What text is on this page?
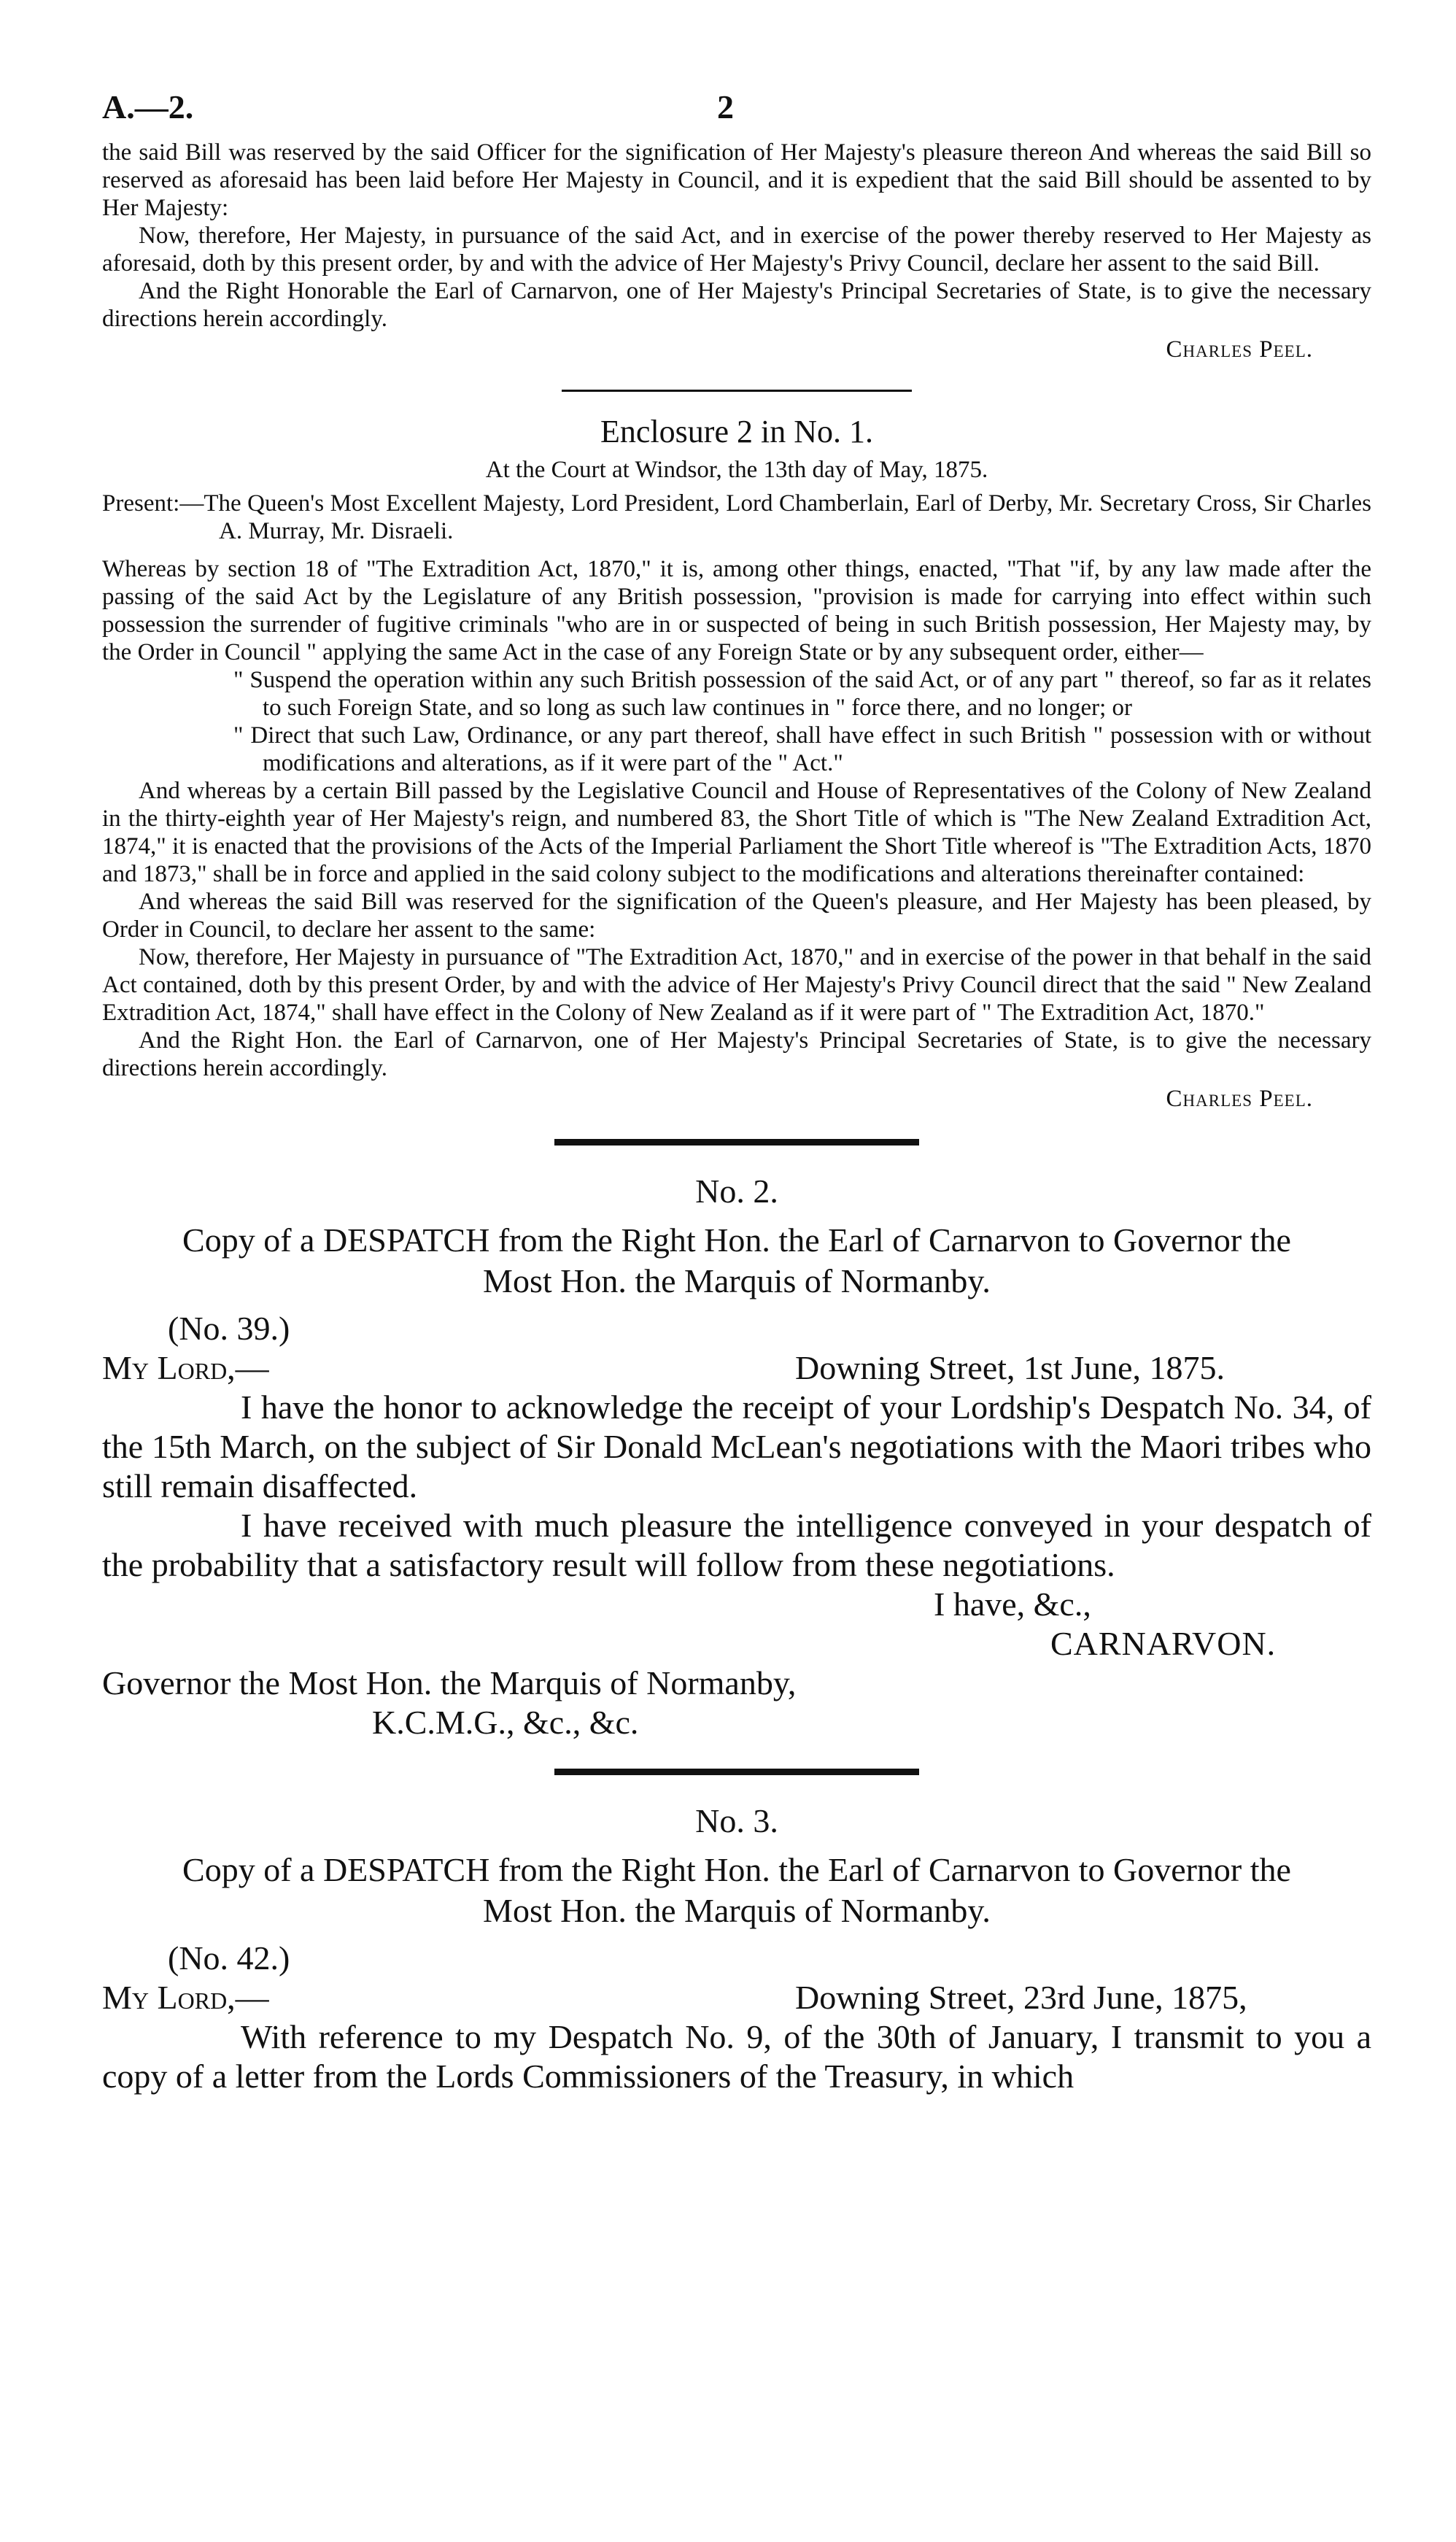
A.—2.	2

the said Bill was reserved by the said Officer for the signification of Her Majesty's pleasure thereon And whereas the said Bill so reserved as aforesaid has been laid before Her Majesty in Council, and it is expedient that the said Bill should be assented to by Her Majesty:

Now, therefore, Her Majesty, in pursuance of the said Act, and in exercise of the power thereby reserved to Her Majesty as aforesaid, doth by this present order, by and with the advice of Her Majesty's Privy Council, declare her assent to the said Bill.

And the Right Honorable the Earl of Carnarvon, one of Her Majesty's Principal Secretaries of State, is to give the necessary directions herein accordingly.

Charles Peel.

Enclosure 2 in No. 1.
At the Court at Windsor, the 13th day of May, 1875.

Present:—The Queen's Most Excellent Majesty, Lord President, Lord Chamberlain, Earl of Derby, Mr. Secretary Cross, Sir Charles A. Murray, Mr. Disraeli.

Whereas by section 18 of "The Extradition Act, 1870," it is, among other things, enacted, "That "if, by any law made after the passing of the said Act by the Legislature of any British possession, "provision is made for carrying into effect within such possession the surrender of fugitive criminals "who are in or suspected of being in such British possession, Her Majesty may, by the Order in Council " applying the same Act in the case of any Foreign State or by any subsequent order, either—

" Suspend the operation within any such British possession of the said Act, or of any part " thereof, so far as it relates to such Foreign State, and so long as such law continues in " force there, and no longer; or

" Direct that such Law, Ordinance, or any part thereof, shall have effect in such British " possession with or without modifications and alterations, as if it were part of the " Act."

And whereas by a certain Bill passed by the Legislative Council and House of Representatives of the Colony of New Zealand in the thirty-eighth year of Her Majesty's reign, and numbered 83, the Short Title of which is "The New Zealand Extradition Act, 1874," it is enacted that the provisions of the Acts of the Imperial Parliament the Short Title whereof is "The Extradition Acts, 1870 and 1873," shall be in force and applied in the said colony subject to the modifications and alterations thereinafter contained:

And whereas the said Bill was reserved for the signification of the Queen's pleasure, and Her Majesty has been pleased, by Order in Council, to declare her assent to the same:

Now, therefore, Her Majesty in pursuance of "The Extradition Act, 1870," and in exercise of the power in that behalf in the said Act contained, doth by this present Order, by and with the advice of Her Majesty's Privy Council direct that the said " New Zealand Extradition Act, 1874," shall have effect in the Colony of New Zealand as if it were part of " The Extradition Act, 1870."

And the Right Hon. the Earl of Carnarvon, one of Her Majesty's Principal Secretaries of State, is to give the necessary directions herein accordingly.

Charles Peel.

No. 2.
Copy of a DESPATCH from the Right Hon. the Earl of Carnarvon to Governor the Most Hon. the Marquis of Normanby.

(No. 39.)

My Lord,—	Downing Street, 1st June, 1875.

I have the honor to acknowledge the receipt of your Lordship's Despatch No. 34, of the 15th March, on the subject of Sir Donald McLean's negotiations with the Maori tribes who still remain disaffected.

I have received with much pleasure the intelligence conveyed in your despatch of the probability that a satisfactory result will follow from these negotiations.

I have, &c.,

CARNARVON.

Governor the Most Hon. the Marquis of Normanby,

K.C.M.G., &c., &c.

No. 3.
Copy of a DESPATCH from the Right Hon. the Earl of Carnarvon to Governor the Most Hon. the Marquis of Normanby.

(No. 42.)

My Lord,—	Downing Street, 23rd June, 1875,

With reference to my Despatch No. 9, of the 30th of January, I transmit to you a copy of a letter from the Lords Commissioners of the Treasury, in which
